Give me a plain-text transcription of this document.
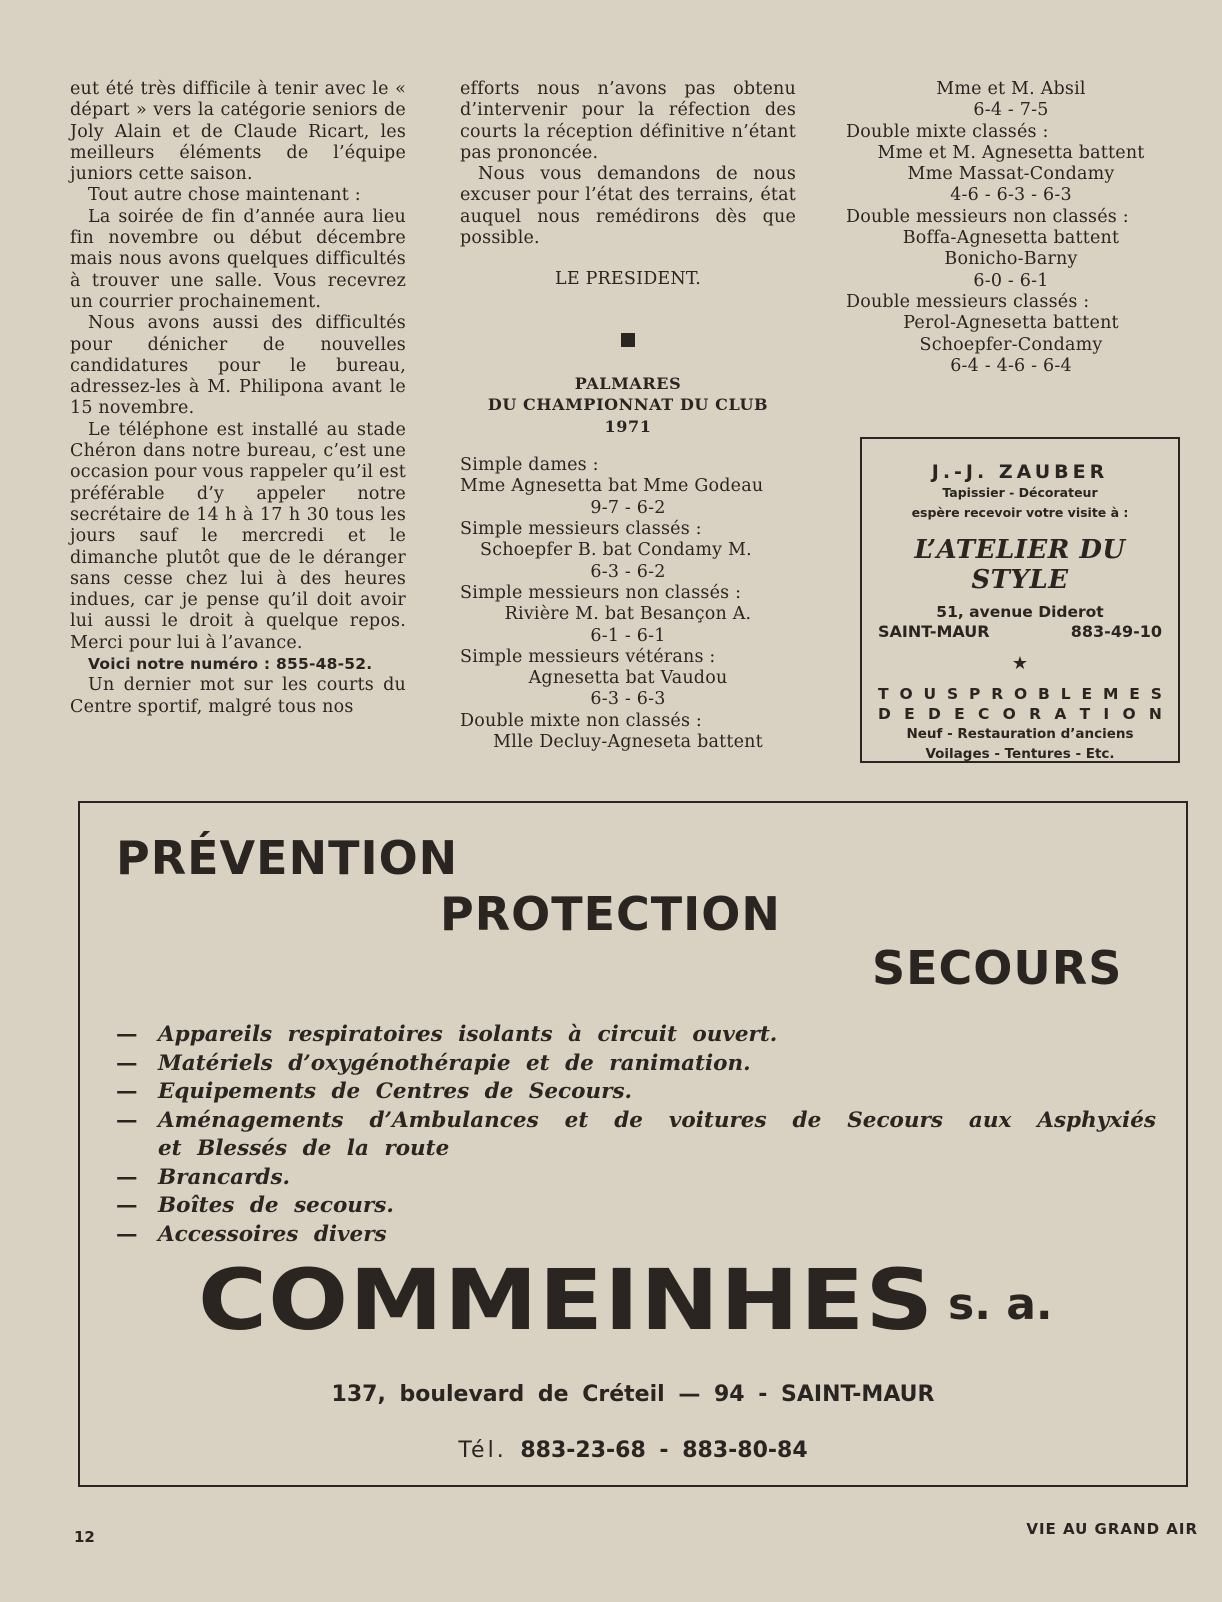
eut été très difficile à tenir avec le « départ » vers la catégorie seniors de Joly Alain et de Claude Ricart, les meilleurs éléments de l’équipe juniors cette saison.

Tout autre chose maintenant :

La soirée de fin d’année aura lieu fin novembre ou début décembre mais nous avons quelques difficultés à trouver une salle. Vous recevrez un courrier prochainement.

Nous avons aussi des difficultés pour dénicher de nouvelles candidatures pour le bureau, adressez-les à M. Philipona avant le 15 novembre.

Le téléphone est installé au stade Chéron dans notre bureau, c’est une occasion pour vous rappeler qu’il est préférable d’y appeler notre secrétaire de 14 h à 17 h 30 tous les jours sauf le mercredi et le dimanche plutôt que de le déranger sans cesse chez lui à des heures indues, car je pense qu’il doit avoir lui aussi le droit à quelque repos. Merci pour lui à l’avance.

Voici notre numéro : 855-48-52.

Un dernier mot sur les courts du Centre sportif, malgré tous nos

efforts nous n’avons pas obtenu d’intervenir pour la réfection des courts la réception définitive n’étant pas prononcée.

Nous vous demandons de nous excuser pour l’état des terrains, état auquel nous remédirons dès que possible.

LE PRESIDENT.

PALMARES
DU CHAMPIONNAT DU CLUB
1971

Simple dames :

Mme Agnesetta bat Mme Godeau

9-7 - 6-2

Simple messieurs classés :

Schoepfer B. bat Condamy M.

6-3 - 6-2

Simple messieurs non classés :

Rivière M. bat Besançon A.

6-1 - 6-1

Simple messieurs vétérans :

Agnesetta bat Vaudou

6-3 - 6-3

Double mixte non classés :

Mlle Decluy-Agneseta battent

Mme et M. Absil

6-4 - 7-5

Double mixte classés :

Mme et M. Agnesetta battent

Mme Massat-Condamy

4-6 - 6-3 - 6-3

Double messieurs non classés :

Boffa-Agnesetta battent

Bonicho-Barny

6-0 - 6-1

Double messieurs classés :

Perol-Agnesetta battent

Schoepfer-Condamy

6-4 - 4-6 - 6-4

J.-J. ZAUBER
Tapissier - Décorateur
espère recevoir votre visite à :
L’ATELIER DU STYLE
51, avenue Diderot
SAINT-MAUR	883-49-10
★
T O U S P R O B L E M E S
D E D E C O R A T I O N
Neuf - Restauration d’anciens
Voilages - Tentures - Etc.
PRÉVENTION
PROTECTION
SECOURS
— Appareils respiratoires isolants à circuit ouvert.
— Matériels d’oxygénothérapie et de ranimation.
— Equipements de Centres de Secours.
— Aménagements d’Ambulances et de voitures de Secours aux Asphyxiés
et Blessés de la route
— Brancards.
— Boîtes de secours.
— Accessoires divers
COMMEINHES s. a.
137, boulevard de Créteil — 94 - SAINT-MAUR
Tél. 883-23-68 - 883-80-84
12	VIE AU GRAND AIR
